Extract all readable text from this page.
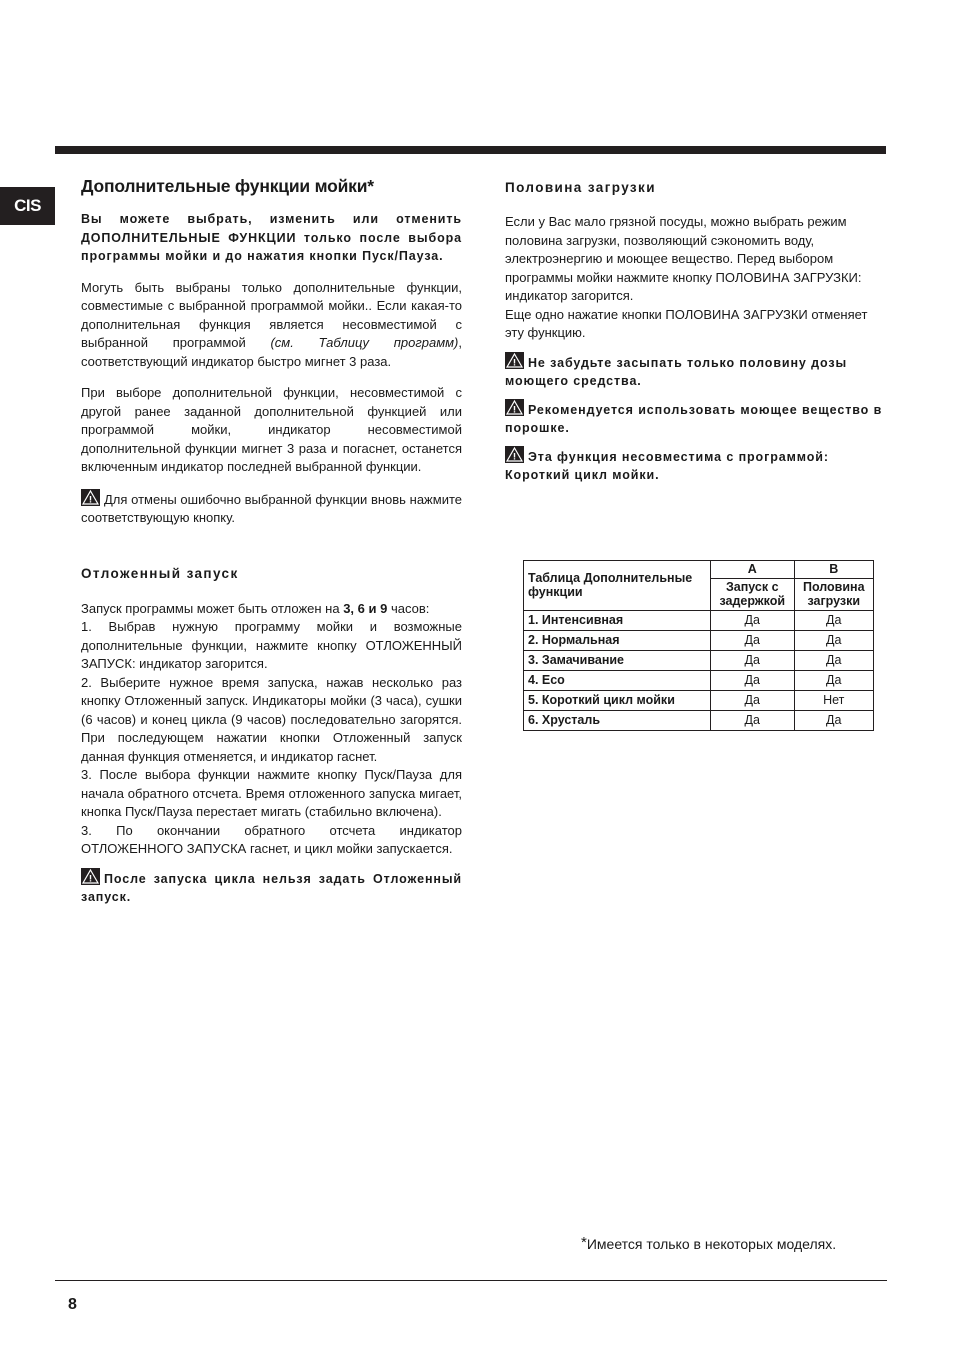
CIS
Дополнительные функции мойки*

Вы можете выбрать, изменить или отменить ДОПОЛНИТЕЛЬНЫЕ ФУНКЦИИ только после выбора программы мойки и до нажатия кнопки Пуск/Пауза.

Могуть быть выбраны только дополнительные функции, совместимые с выбранной программой мойки.. Если какая-то дополнительная функция является несовместимой с выбранной программой (см. Таблицу программ), соответствующий индикатор быстро мигнет 3 раза.

При выборе дополнительной функции, несовместимой с другой ранее заданной дополнительной функцией или программой мойки, индикатор несовместимой дополнительной функции мигнет 3 раза и погаснет, останется включенным индикатор последней выбранной функции.

Для отмены ошибочно выбранной функции вновь нажмите соответствующую кнопку.

Отложенный запуск

Запуск программы может быть отложен на 3, 6 и 9 часов:

1. Выбрав нужную программу мойки и возможные дополнительные функции, нажмите кнопку ОТЛОЖЕННЫЙ ЗАПУСК: индикатор загорится.

2. Выберите нужное время запуска, нажав несколько раз кнопку Отложенный запуск. Индикаторы мойки (3 часа), сушки (6 часов) и конец цикла (9 часов) последовательно загорятся. При последующем нажатии кнопки Отложенный запуск данная функция отменяется, и индикатор гаснет.

3. После выбора функции нажмите кнопку Пуск/Пауза для начала обратного отсчета. Время отложенного запуска мигает, кнопка Пуск/Пауза перестает мигать (стабильно включена).

3. По окончании обратного отсчета индикатор ОТЛОЖЕННОГО ЗАПУСКА гаснет, и цикл мойки запускается.

После запуска цикла нельзя задать Отложенный запуск.

Половина загрузки

Если у Вас мало грязной посуды, можно выбрать режим половина загрузки, позволяющий сэкономить воду, электроэнергию и моющее вещество. Перед выбором программы мойки нажмите кнопку ПОЛОВИНА ЗАГРУЗКИ: индикатор загорится.

Еще одно нажатие кнопки ПОЛОВИНА ЗАГРУЗКИ отменяет эту функцию.

Не забудьте засыпать только половину дозы моющего средства.

Рекомендуется использовать моющее вещество в порошке.

Эта функция несовместима с программой: Короткий цикл мойки.

Таблица Дополнительные функции	A	B
	Запуск с задержкой	Половина загрузки
1. Интенсивная	Да	Да
2. Нормальная	Да	Да
3. Замачивание	Да	Да
4. Eco	Да	Да
5. Короткий цикл мойки	Да	Нет
6. Хрусталь	Да	Да
*Имеется только в некоторых моделях.
8
